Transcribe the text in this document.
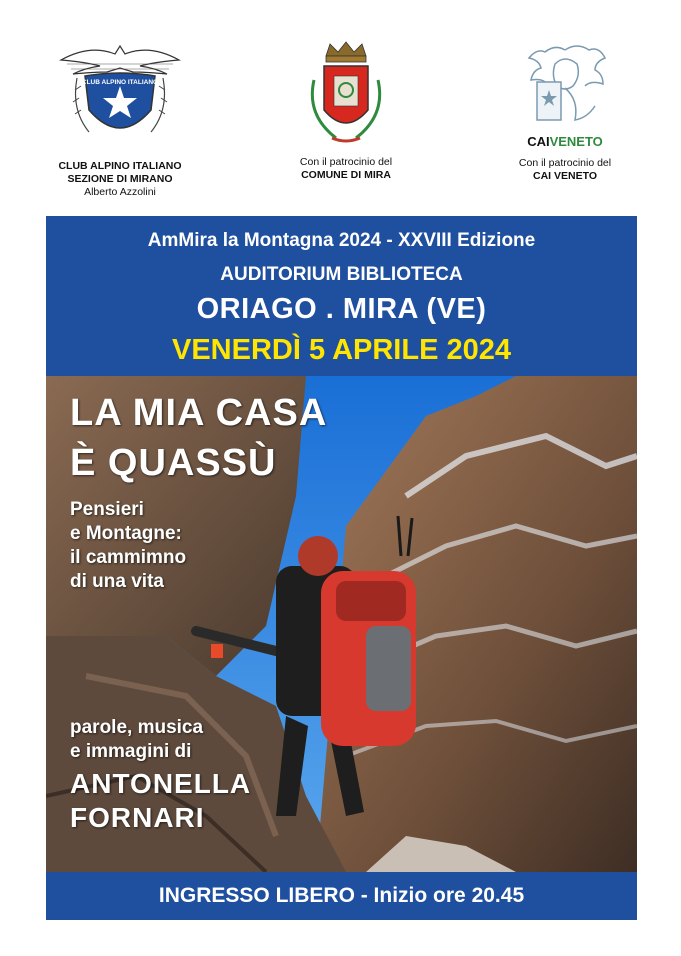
CLUB ALPINO ITALIANO
CLUB ALPINO ITALIANO
SEZIONE DI MIRANO
Alberto Azzolini
Con il patrocinio del
COMUNE DI MIRA
CAIVENETO
Con il patrocinio del
CAI VENETO
AmMira la Montagna 2024 - XXVIII Edizione
AUDITORIUM BIBLIOTECA
ORIAGO . MIRA (VE)
VENERDÌ 5 APRILE 2024
LA MIA CASA
È QUASSÙ
Pensieri
e Montagne:
il cammimno
di una vita
parole, musica
e immagini di
ANTONELLA
FORNARI
INGRESSO LIBERO - Inizio ore 20.45
